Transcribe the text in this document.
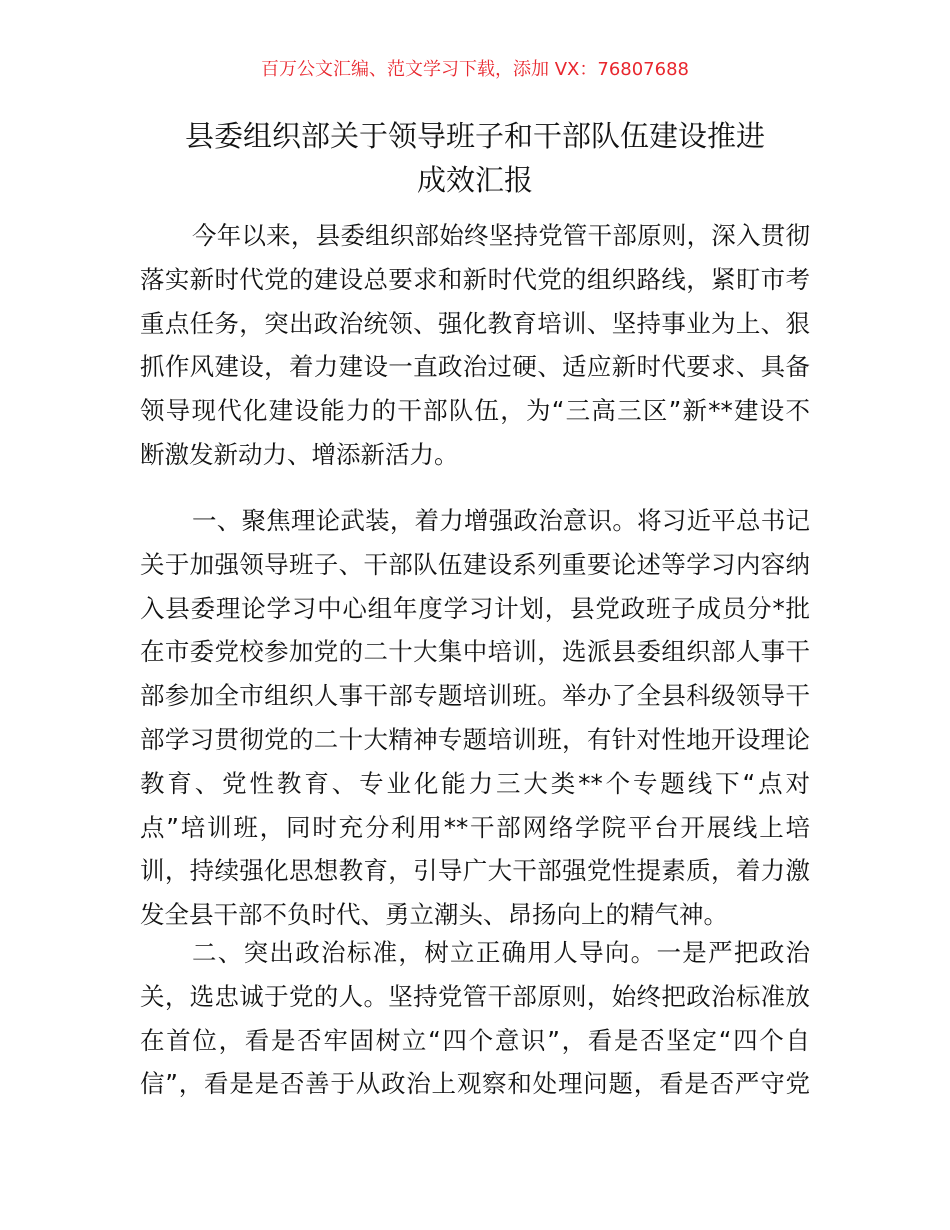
百万公文汇编、范文学习下载，添加 VX：76807688
县委组织部关于领导班子和干部队伍建设推进
成效汇报
今年以来，县委组织部始终坚持党管干部原则，深入贯彻
落实新时代党的建设总要求和新时代党的组织路线，紧盯市考
重点任务，突出政治统领、强化教育培训、坚持事业为上、狠
抓作风建设，着力建设一直政治过硬、适应新时代要求、具备
领导现代化建设能力的干部队伍，为“三高三区”新**建设不
断激发新动力、增添新活力。
一、聚焦理论武装，着力增强政治意识。将习近平总书记
关于加强领导班子、干部队伍建设系列重要论述等学习内容纳
入县委理论学习中心组年度学习计划，县党政班子成员分*批
在市委党校参加党的二十大集中培训，选派县委组织部人事干
部参加全市组织人事干部专题培训班。举办了全县科级领导干
部学习贯彻党的二十大精神专题培训班，有针对性地开设理论
教育、党性教育、专业化能力三大类**个专题线下“点对
点”培训班，同时充分利用**干部网络学院平台开展线上培
训，持续强化思想教育，引导广大干部强党性提素质，着力激
发全县干部不负时代、勇立潮头、昂扬向上的精气神。
二、突出政治标准，树立正确用人导向。一是严把政治
关，选忠诚于党的人。坚持党管干部原则，始终把政治标准放
在首位，看是否牢固树立“四个意识”，看是否坚定“四个自
信”，看是是否善于从政治上观察和处理问题，看是否严守党
